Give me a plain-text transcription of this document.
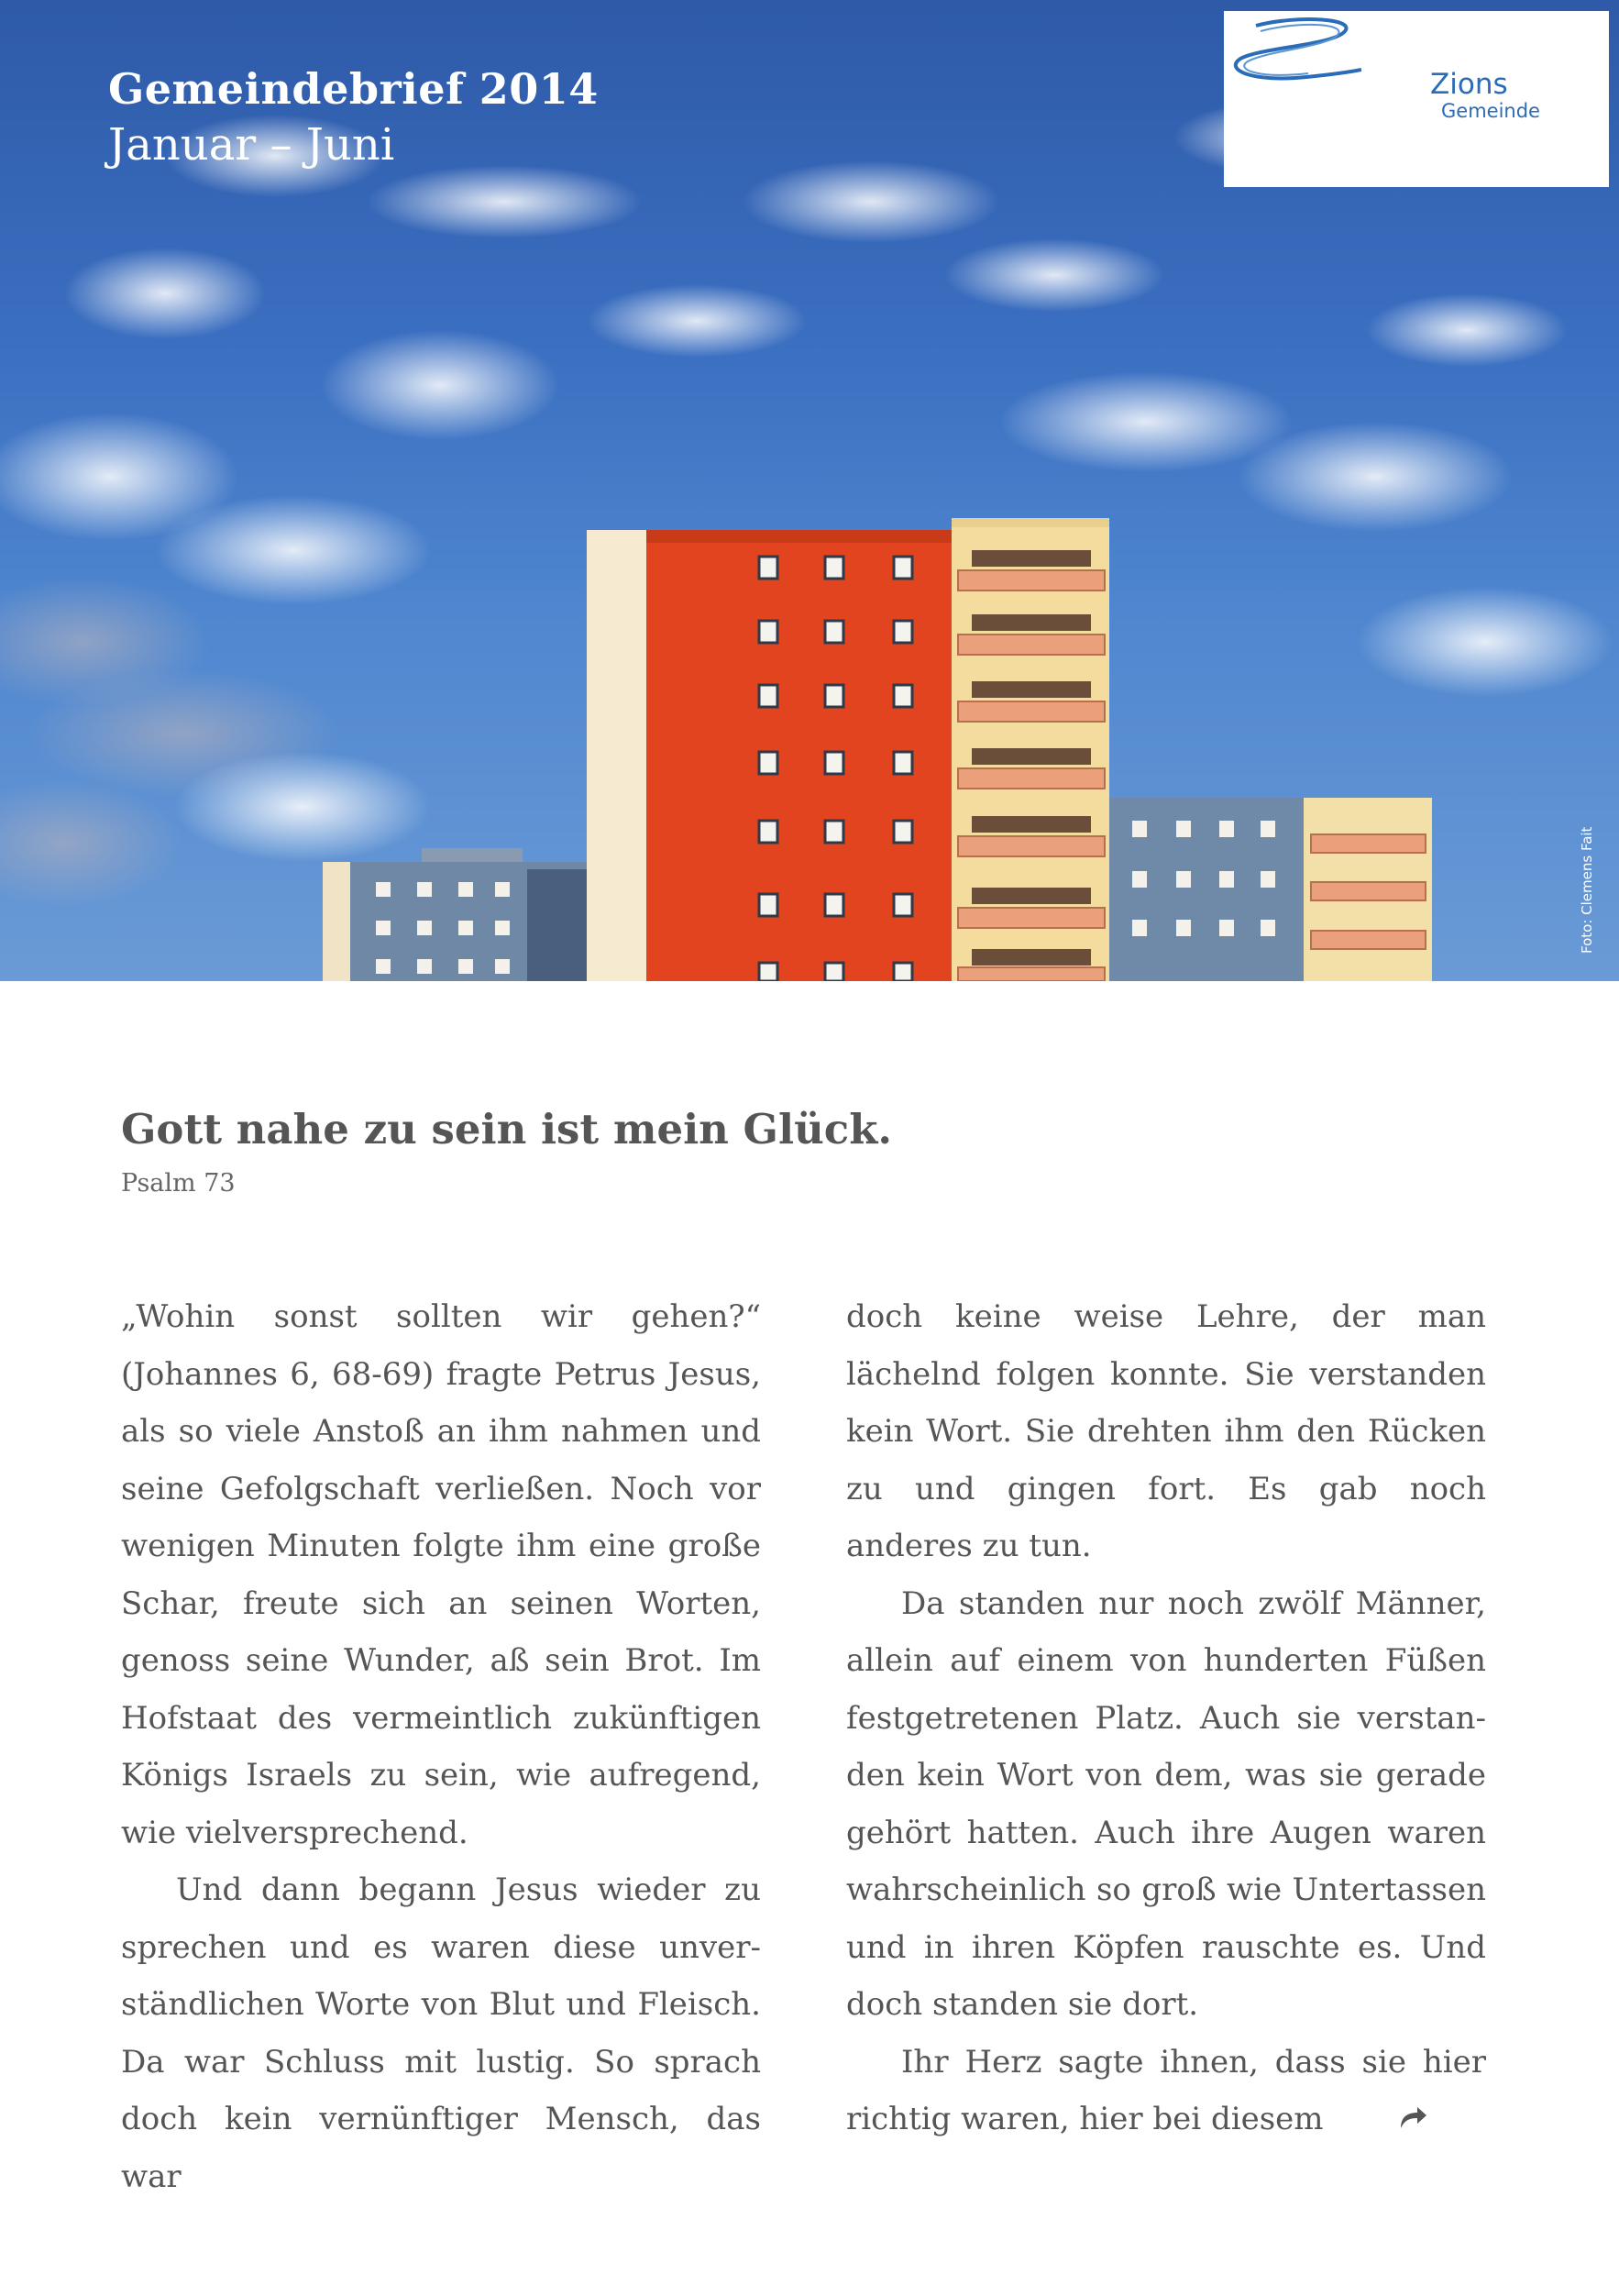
Gemeindebrief 2014
Januar – Juni
Zions
Gemeinde
Foto: Clemens Fait
Gott nahe zu sein ist mein Glück.
Psalm 73

„Wohin sonst sollten wir gehen?“ (Johannes 6, 68-69) fragte Petrus Jesus, als so viele Anstoß an ihm nahmen und seine Gefolgschaft verließen. Noch vor wenigen Minuten folgte ihm eine große Schar, freute sich an seinen Worten, genoss seine Wunder, aß sein Brot. Im Hofstaat des vermeintlich zukünftigen Königs Israels zu sein, wie aufregend, wie vielversprechend.

Und dann begann Jesus wieder zu sprechen und es waren diese unverständlichen Worte von Blut und Fleisch. Da war Schluss mit lustig. So sprach doch kein vernünftiger Mensch, das war

doch keine weise Lehre, der man lächelnd folgen konnte. Sie verstanden kein Wort. Sie drehten ihm den Rücken zu und gingen fort. Es gab noch anderes zu tun.

Da standen nur noch zwölf Männer, allein auf einem von hunderten Füßen festgetretenen Platz. Auch sie verstanden kein Wort von dem, was sie gerade gehört hatten. Auch ihre Augen waren wahrscheinlich so groß wie Untertassen und in ihren Köpfen rauschte es. Und doch standen sie dort.

Ihr Herz sagte ihnen, dass sie hier richtig waren, hier bei diesem
